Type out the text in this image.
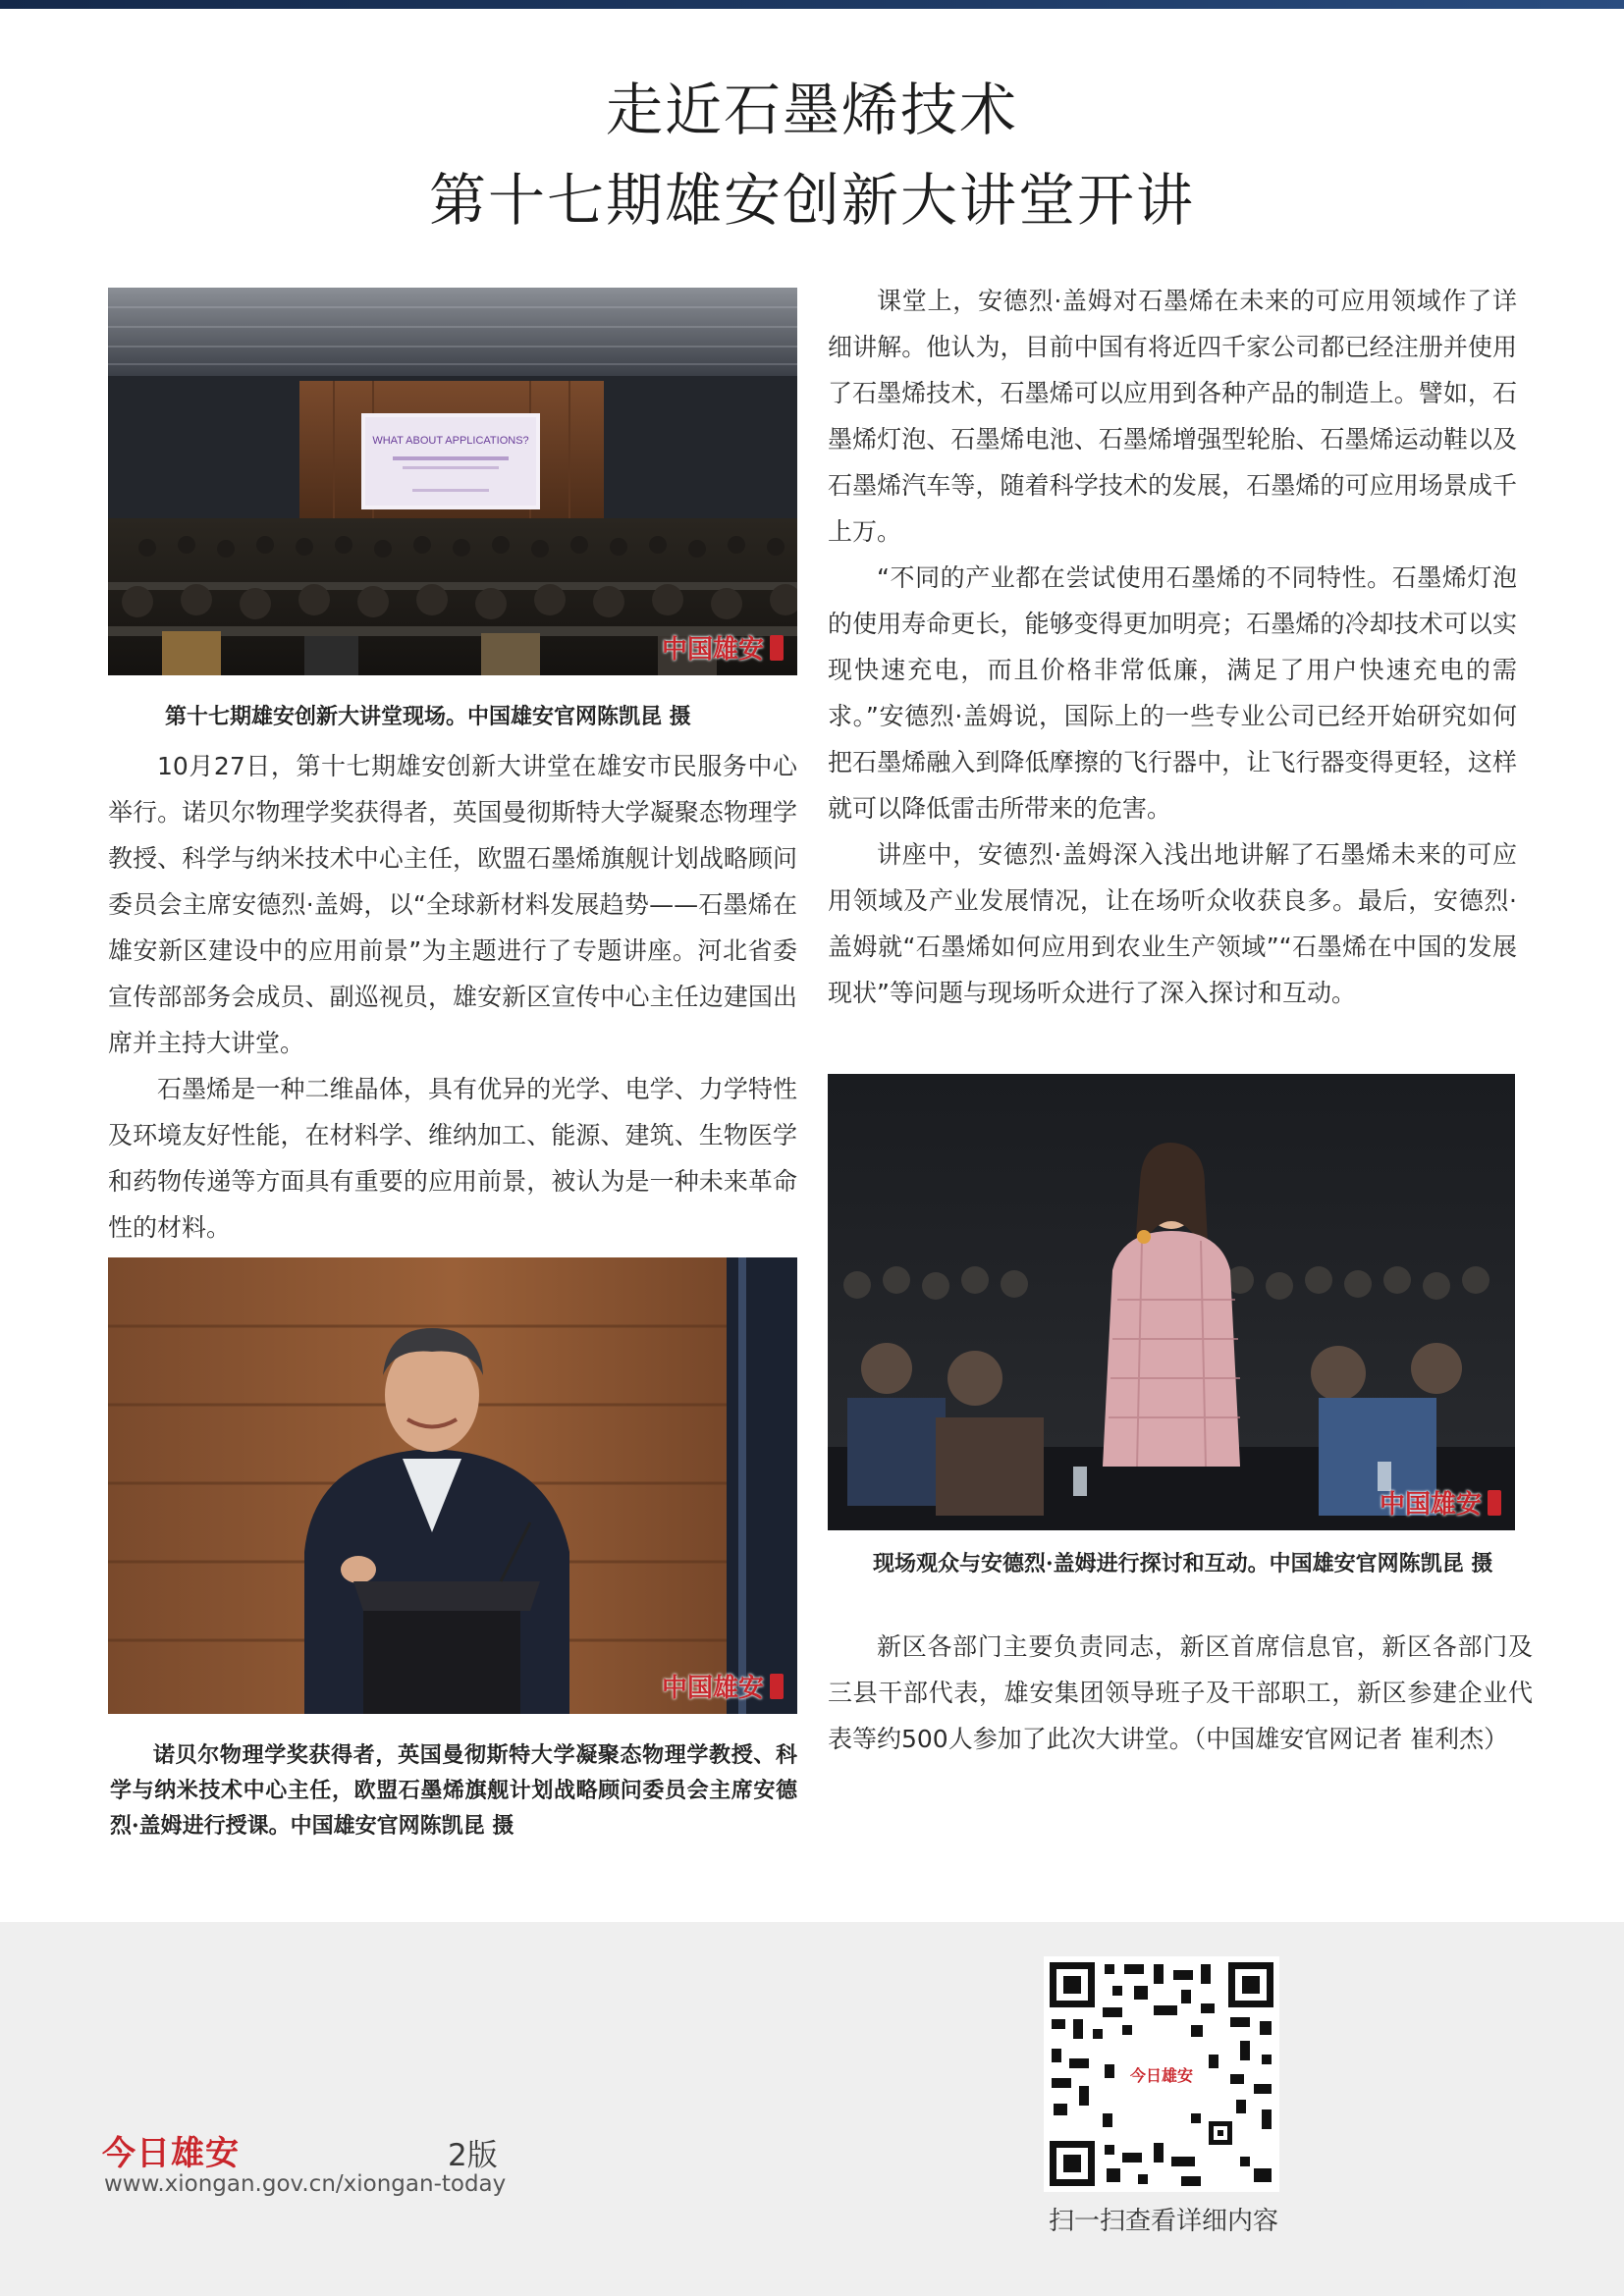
走近石墨烯技术
第十七期雄安创新大讲堂开讲
WHAT ABOUT APPLICATIONS?
中国雄安
第十七期雄安创新大讲堂现场。中国雄安官网陈凯昆 摄

10月27日，第十七期雄安创新大讲堂在雄安市民服务中心举行。诺贝尔物理学奖获得者，英国曼彻斯特大学凝聚态物理学教授、科学与纳米技术中心主任，欧盟石墨烯旗舰计划战略顾问委员会主席安德烈·盖姆，以“全球新材料发展趋势——石墨烯在雄安新区建设中的应用前景”为主题进行了专题讲座。河北省委宣传部部务会成员、副巡视员，雄安新区宣传中心主任边建国出席并主持大讲堂。

石墨烯是一种二维晶体，具有优异的光学、电学、力学特性及环境友好性能，在材料学、维纳加工、能源、建筑、生物医学和药物传递等方面具有重要的应用前景，被认为是一种未来革命性的材料。

中国雄安
诺贝尔物理学奖获得者，英国曼彻斯特大学凝聚态物理学教授、科学与纳米技术中心主任，欧盟石墨烯旗舰计划战略顾问委员会主席安德烈·盖姆进行授课。中国雄安官网陈凯昆 摄

课堂上，安德烈·盖姆对石墨烯在未来的可应用领域作了详细讲解。他认为，目前中国有将近四千家公司都已经注册并使用了石墨烯技术，石墨烯可以应用到各种产品的制造上。譬如，石墨烯灯泡、石墨烯电池、石墨烯增强型轮胎、石墨烯运动鞋以及石墨烯汽车等，随着科学技术的发展，石墨烯的可应用场景成千上万。

“不同的产业都在尝试使用石墨烯的不同特性。石墨烯灯泡的使用寿命更长，能够变得更加明亮；石墨烯的冷却技术可以实现快速充电，而且价格非常低廉，满足了用户快速充电的需求。”安德烈·盖姆说，国际上的一些专业公司已经开始研究如何把石墨烯融入到降低摩擦的飞行器中，让飞行器变得更轻，这样就可以降低雷击所带来的危害。

讲座中，安德烈·盖姆深入浅出地讲解了石墨烯未来的可应用领域及产业发展情况，让在场听众收获良多。最后，安德烈·盖姆就“石墨烯如何应用到农业生产领域”“石墨烯在中国的发展现状”等问题与现场听众进行了深入探讨和互动。

中国雄安
现场观众与安德烈·盖姆进行探讨和互动。中国雄安官网陈凯昆 摄

新区各部门主要负责同志，新区首席信息官，新区各部门及三县干部代表，雄安集团领导班子及干部职工，新区参建企业代表等约500人参加了此次大讲堂。（中国雄安官网记者 崔利杰）

今日雄安	2版
www.xiongan.gov.cn/xiongan-today
今日雄安
扫一扫查看详细内容
